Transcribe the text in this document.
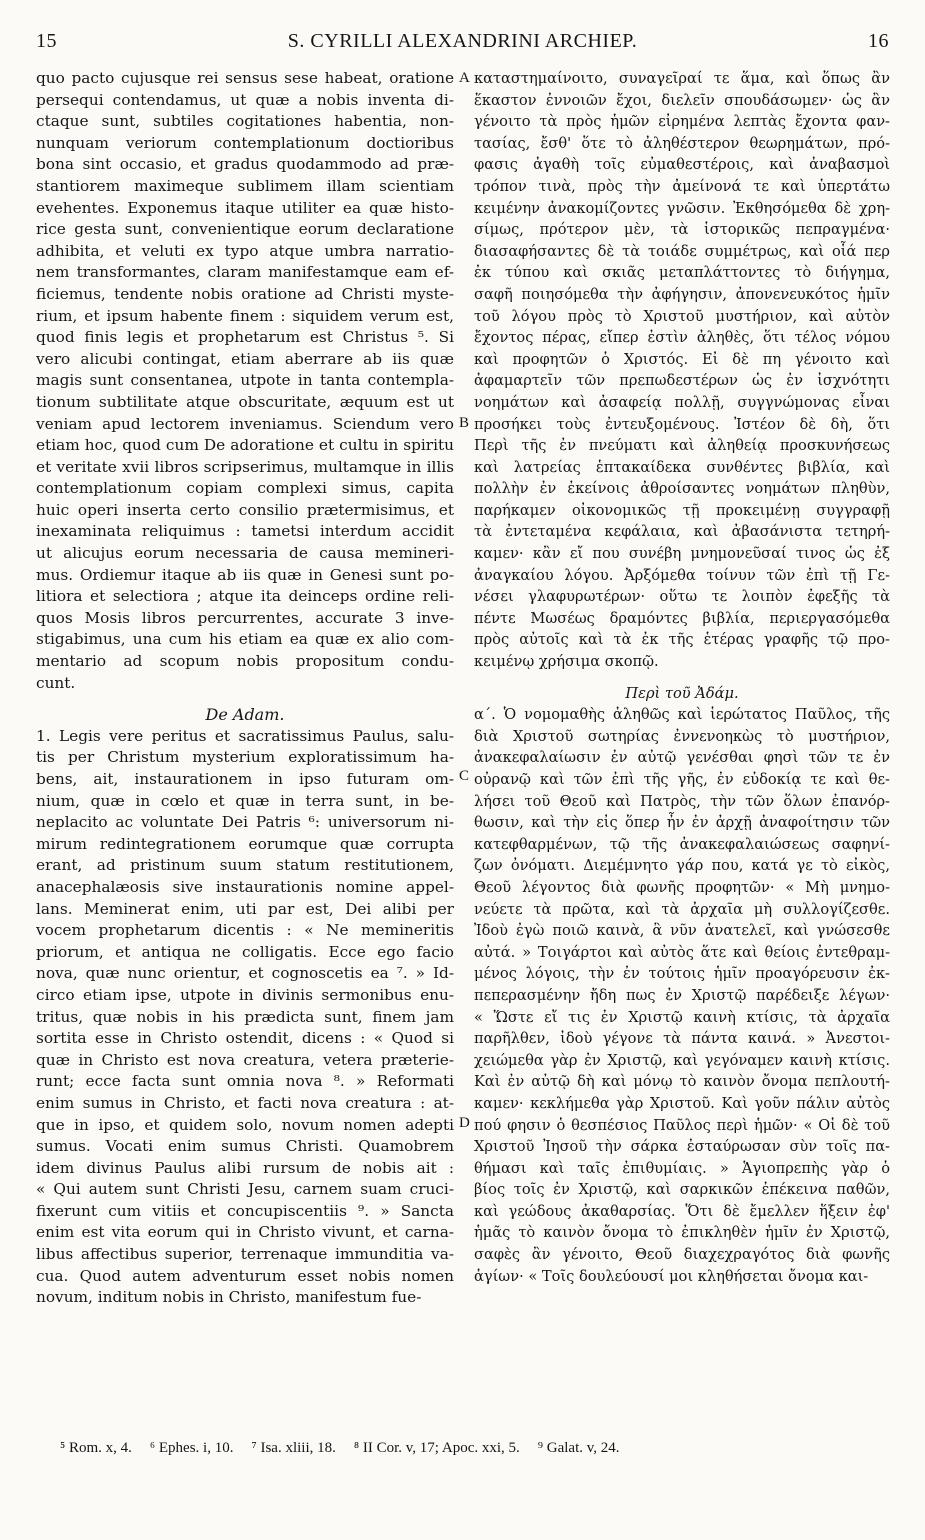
15	S. CYRILLI ALEXANDRINI ARCHIEP.	16
quo pacto cujusque rei sensus sese habeat, oratione
persequi contendamus, ut quæ a nobis inventa di-
ctaque sunt, subtiles cogitationes habentia, non-
nunquam veriorum contemplationum doctioribus
bona sint occasio, et gradus quodammodo ad præ-
stantiorem maximeque sublimem illam scientiam
evehentes. Exponemus itaque utiliter ea quæ histo-
rice gesta sunt, convenientique eorum declaratione
adhibita, et veluti ex typo atque umbra narratio-
nem transformantes, claram manifestamque eam ef-
ficiemus, tendente nobis oratione ad Christi myste-
rium, et ipsum habente finem : siquidem verum est,
quod finis legis et prophetarum est Christus ⁵. Si
vero alicubi contingat, etiam aberrare ab iis quæ
magis sunt consentanea, utpote in tanta contempla-
tionum subtilitate atque obscuritate, æquum est ut
veniam apud lectorem inveniamus. Sciendum vero
etiam hoc, quod cum De adoratione et cultu in spiritu
et veritate xvii libros scripserimus, multamque in illis
contemplationum copiam complexi simus, capita
huic operi inserta certo consilio prætermisimus, et
inexaminata reliquimus : tametsi interdum accidit
ut alicujus eorum necessaria de causa memineri-
mus. Ordiemur itaque ab iis quæ in Genesi sunt po-
litiora et selectiora ; atque ita deinceps ordine reli-
quos Mosis libros percurrentes, accurate 3 inve-
stigabimus, una cum his etiam ea quæ ex alio com-
mentario ad scopum nobis propositum condu-
cunt.
De Adam.
1. Legis vere peritus et sacratissimus Paulus, salu-
tis per Christum mysterium exploratissimum ha-
bens, ait, instaurationem in ipso futuram om-
nium, quæ in cœlo et quæ in terra sunt, in be-
neplacito ac voluntate Dei Patris ⁶: universorum ni-
mirum redintegrationem eorumque quæ corrupta
erant, ad pristinum suum statum restitutionem,
anacephalæosis sive instaurationis nomine appel-
lans. Meminerat enim, uti par est, Dei alibi per
vocem prophetarum dicentis : « Ne memineritis
priorum, et antiqua ne colligatis. Ecce ego facio
nova, quæ nunc orientur, et cognoscetis ea ⁷. » Id-
circo etiam ipse, utpote in divinis sermonibus enu-
tritus, quæ nobis in his prædicta sunt, finem jam
sortita esse in Christo ostendit, dicens : « Quod si
quæ in Christo est nova creatura, vetera præterie-
runt; ecce facta sunt omnia nova ⁸. » Reformati
enim sumus in Christo, et facti nova creatura : at-
que in ipso, et quidem solo, novum nomen adepti
sumus. Vocati enim sumus Christi. Quamobrem
idem divinus Paulus alibi rursum de nobis ait :
« Qui autem sunt Christi Jesu, carnem suam cruci-
fixerunt cum vitiis et concupiscentiis ⁹. » Sancta
enim est vita eorum qui in Christo vivunt, et carna-
libus affectibus superior, terrenaque immunditia va-
cua. Quod autem adventurum esset nobis nomen
novum, inditum nobis in Christo, manifestum fue-
καταστημαίνοιτο, συναγεῖραί τε ἅμα, καὶ ὅπως ἂν
ἕκαστον ἐννοιῶν ἔχοι, διελεῖν σπουδάσωμεν· ὡς ἂν
γένοιτο τὰ πρὸς ἡμῶν εἰρημένα λεπτὰς ἔχοντα φαν-
τασίας, ἔσθ' ὅτε τὸ ἀληθέστερον θεωρημάτων, πρό-
φασις ἀγαθὴ τοῖς εὐμαθεστέροις, καὶ ἀναβασμοὶ
τρόπον τινὰ, πρὸς τὴν ἀμείνονά τε καὶ ὑπερτάτω
κειμένην ἀνακομίζοντες γνῶσιν. Ἐκθησόμεθα δὲ χρη-
σίμως, πρότερον μὲν, τὰ ἱστορικῶς πεπραγμένα·
διασαφήσαντες δὲ τὰ τοιάδε συμμέτρως, καὶ οἷά περ
ἐκ τύπου καὶ σκιᾶς μεταπλάττοντες τὸ διήγημα,
σαφῆ ποιησόμεθα τὴν ἀφήγησιν, ἀπονενευκότος ἡμῖν
τοῦ λόγου πρὸς τὸ Χριστοῦ μυστήριον, καὶ αὐτὸν
ἔχοντος πέρας, εἴπερ ἐστὶν ἀληθὲς, ὅτι τέλος νόμου
καὶ προφητῶν ὁ Χριστός. Εἰ δὲ πη γένοιτο καὶ
ἀφαμαρτεῖν τῶν πρεπωδεστέρων ὡς ἐν ἰσχνότητι
νοημάτων καὶ ἀσαφείᾳ πολλῇ, συγγνώμονας εἶναι
προσήκει τοὺς ἐντευξομένους. Ἰστέον δὲ δὴ, ὅτι
Περὶ τῆς ἐν πνεύματι καὶ ἀληθείᾳ προσκυνήσεως
καὶ λατρείας ἑπτακαίδεκα συνθέντες βιβλία, καὶ
πολλὴν ἐν ἐκείνοις ἀθροίσαντες νοημάτων πληθὺν,
παρήκαμεν οἰκονομικῶς τῇ προκειμένῃ συγγραφῇ
τὰ ἐντεταμένα κεφάλαια, καὶ ἀβασάνιστα τετηρή-
καμεν· κἂν εἴ που συνέβη μνημονεῦσαί τινος ὡς ἐξ
ἀναγκαίου λόγου. Ἀρξόμεθα τοίνυν τῶν ἐπὶ τῇ Γε-
νέσει γλαφυρωτέρων· οὕτω τε λοιπὸν ἐφεξῆς τὰ
πέντε Μωσέως δραμόντες βιβλία, περιεργασόμεθα
πρὸς αὐτοῖς καὶ τὰ ἐκ τῆς ἑτέρας γραφῆς τῷ προ-
κειμένῳ χρήσιμα σκοπῷ.
Περὶ τοῦ Ἀδάμ.
α΄. Ὁ νομομαθὴς ἀληθῶς καὶ ἱερώτατος Παῦλος, τῆς
διὰ Χριστοῦ σωτηρίας ἐννενοηκὼς τὸ μυστήριον,
ἀνακεφαλαίωσιν ἐν αὐτῷ γενέσθαι φησὶ τῶν τε ἐν
οὐρανῷ καὶ τῶν ἐπὶ τῆς γῆς, ἐν εὐδοκίᾳ τε καὶ θε-
λήσει τοῦ Θεοῦ καὶ Πατρὸς, τὴν τῶν ὅλων ἐπανόρ-
θωσιν, καὶ τὴν εἰς ὅπερ ἦν ἐν ἀρχῇ ἀναφοίτησιν τῶν
κατεφθαρμένων, τῷ τῆς ἀνακεφαλαιώσεως σαφηνί-
ζων ὀνόματι. Διεμέμνητο γάρ που, κατά γε τὸ εἰκὸς,
Θεοῦ λέγοντος διὰ φωνῆς προφητῶν· « Μὴ μνημο-
νεύετε τὰ πρῶτα, καὶ τὰ ἀρχαῖα μὴ συλλογίζεσθε.
Ἰδοὺ ἐγὼ ποιῶ καινὰ, ἃ νῦν ἀνατελεῖ, καὶ γνώσεσθε
αὐτά. » Τοιγάρτοι καὶ αὐτὸς ἅτε καὶ θείοις ἐντεθραμ-
μένος λόγοις, τὴν ἐν τούτοις ἡμῖν προαγόρευσιν ἐκ-
πεπερασμένην ἤδη πως ἐν Χριστῷ παρέδειξε λέγων·
« Ὥστε εἴ τις ἐν Χριστῷ καινὴ κτίσις, τὰ ἀρχαῖα
παρῆλθεν, ἰδοὺ γέγονε τὰ πάντα καινά. » Ἀνεστοι-
χειώμεθα γὰρ ἐν Χριστῷ, καὶ γεγόναμεν καινὴ κτίσις.
Καὶ ἐν αὐτῷ δὴ καὶ μόνῳ τὸ καινὸν ὄνομα πεπλουτή-
καμεν· κεκλήμεθα γὰρ Χριστοῦ. Καὶ γοῦν πάλιν αὐτὸς
πού φησιν ὁ θεσπέσιος Παῦλος περὶ ἡμῶν· « Οἱ δὲ τοῦ
Χριστοῦ Ἰησοῦ τὴν σάρκα ἐσταύρωσαν σὺν τοῖς πα-
θήμασι καὶ ταῖς ἐπιθυμίαις. » Ἁγιοπρεπὴς γὰρ ὁ
βίος τοῖς ἐν Χριστῷ, καὶ σαρκικῶν ἐπέκεινα παθῶν,
καὶ γεώδους ἀκαθαρσίας. Ὅτι δὲ ἔμελλεν ἥξειν ἐφ'
ἡμᾶς τὸ καινὸν ὄνομα τὸ ἐπικληθὲν ἡμῖν ἐν Χριστῷ,
σαφὲς ἂν γένοιτο, Θεοῦ διαχεχραγότος διὰ φωνῆς
ἁγίων· « Τοῖς δουλεύουσί μοι κληθήσεται ὄνομα και-
A
B
C
D
⁵ Rom. x, 4. ⁶ Ephes. i, 10. ⁷ Isa. xliii, 18. ⁸ II Cor. v, 17; Apoc. xxi, 5. ⁹ Galat. v, 24.
